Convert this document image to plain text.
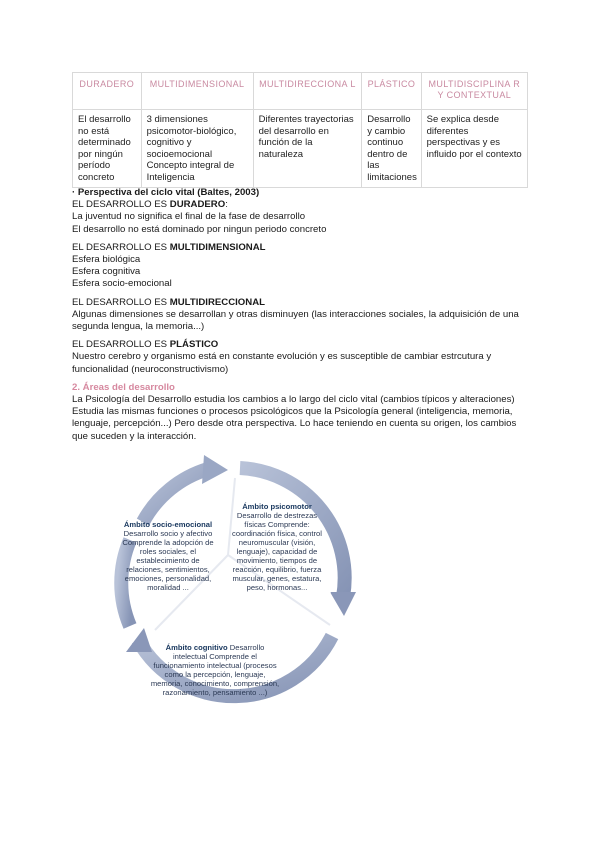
DURADERO	MULTIDIMENSIONAL	MULTIDIRECCIONA L	PLÁSTICO	MULTIDISCIPLINA R Y CONTEXTUAL
El desarrollo no está determinado por ningún período concreto	3 dimensiones psicomotor-biológico, cognitivo y socioemocional Concepto integral de Inteligencia	Diferentes trayectorias del desarrollo en función de la naturaleza	Desarrollo y cambio continuo dentro de las limitaciones	Se explica desde diferentes perspectivas y es influido por el contexto

· Perspectiva del ciclo vital (Baltes, 2003)

EL DESARROLLO ES DURADERO:

La juventud no significa el final de la fase de desarrollo

El desarrollo no está dominado por ningun periodo concreto

EL DESARROLLO ES MULTIDIMENSIONAL

Esfera biológica

Esfera cognitiva

Esfera socio-emocional

EL DESARROLLO ES MULTIDIRECCIONAL

Algunas dimensiones se desarrollan y otras disminuyen (las interacciones sociales, la adquisición de una segunda lengua, la memoria...)

EL DESARROLLO ES PLÁSTICO

Nuestro cerebro y organismo está en constante evolución y es susceptible de cambiar estrcutura y funcionalidad (neuroconstructivismo)

2. Áreas del desarrollo

La Psicología del Desarrollo estudia los cambios a lo largo del ciclo vital (cambios típicos y alteraciones)

Estudia las mismas funciones o procesos psicológicos que la Psicología general (inteligencia, memoria, lenguaje, percepción...) Pero desde otra perspectiva. Lo hace teniendo en cuenta su origen, los cambios que suceden y la interacción.

Ámbito socio-emocional
Desarrollo socio y afectivo Comprende la adopción de roles sociales, el establecimiento de relaciones, sentimientos, emociones, personalidad, moralidad ...
Ámbito psicomotor
Desarrollo de destrezas físicas Comprende: coordinación física, control neuromuscular (visión, lenguaje), capacidad de movimiento, tiempos de reacción, equilibrio, fuerza muscular, genes, estatura, peso, hormonas...
Ámbito cognitivo Desarrollo intelectual Comprende el funcionamiento intelectual (procesos como la percepción, lenguaje, memoria, conocimiento, comprensión, razonamiento, pensamiento ...)
